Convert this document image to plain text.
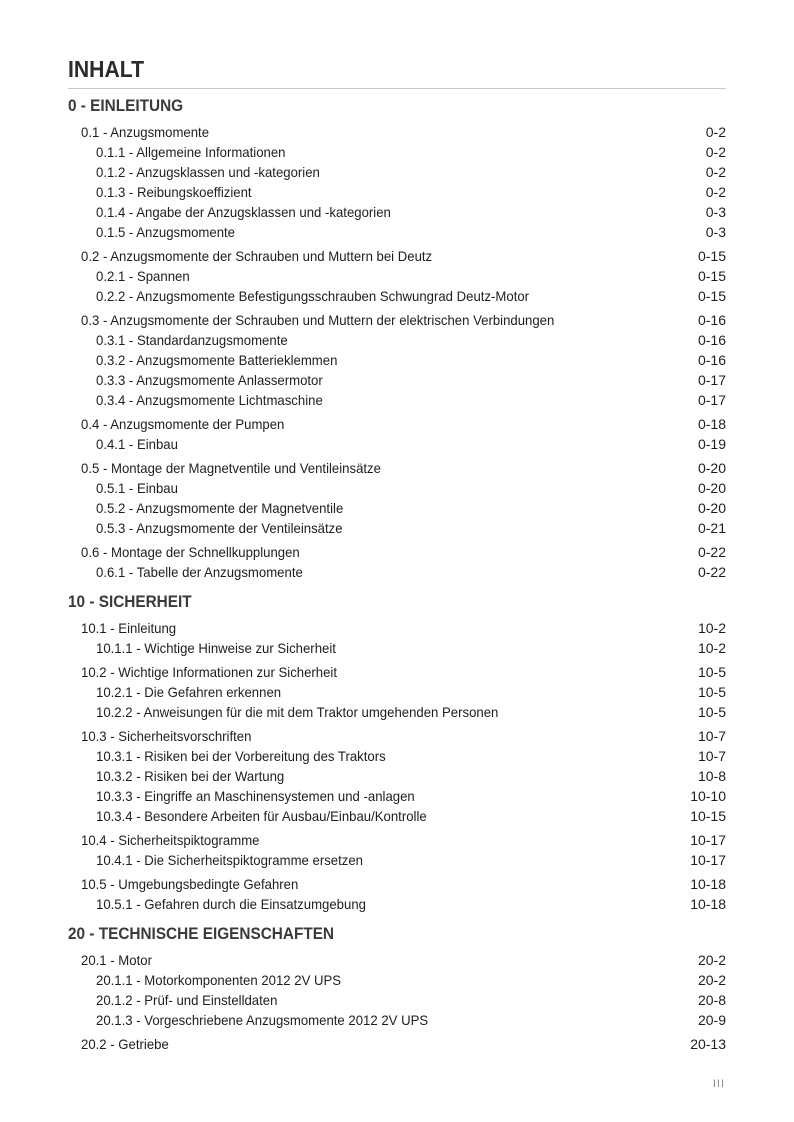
INHALT
0 - EINLEITUNG
0.1 - Anzugsmomente	0-2
0.1.1 - Allgemeine Informationen	0-2
0.1.2 - Anzugsklassen und -kategorien	0-2
0.1.3 - Reibungskoeffizient	0-2
0.1.4 - Angabe der Anzugsklassen und -kategorien	0-3
0.1.5 - Anzugsmomente	0-3
0.2 - Anzugsmomente der Schrauben und Muttern bei Deutz	0-15
0.2.1 - Spannen	0-15
0.2.2 - Anzugsmomente Befestigungsschrauben Schwungrad Deutz-Motor	0-15
0.3 - Anzugsmomente der Schrauben und Muttern der elektrischen Verbindungen	0-16
0.3.1 - Standardanzugsmomente	0-16
0.3.2 - Anzugsmomente Batterieklemmen	0-16
0.3.3 - Anzugsmomente Anlassermotor	0-17
0.3.4 - Anzugsmomente Lichtmaschine	0-17
0.4 - Anzugsmomente der Pumpen	0-18
0.4.1 - Einbau	0-19
0.5 - Montage der Magnetventile und Ventileinsätze	0-20
0.5.1 - Einbau	0-20
0.5.2 - Anzugsmomente der Magnetventile	0-20
0.5.3 - Anzugsmomente der Ventileinsätze	0-21
0.6 - Montage der Schnellkupplungen	0-22
0.6.1 - Tabelle der Anzugsmomente	0-22
10 - SICHERHEIT
10.1 - Einleitung	10-2
10.1.1 - Wichtige Hinweise zur Sicherheit	10-2
10.2 - Wichtige Informationen zur Sicherheit	10-5
10.2.1 - Die Gefahren erkennen	10-5
10.2.2 - Anweisungen für die mit dem Traktor umgehenden Personen	10-5
10.3 - Sicherheitsvorschriften	10-7
10.3.1 - Risiken bei der Vorbereitung des Traktors	10-7
10.3.2 - Risiken bei der Wartung	10-8
10.3.3 - Eingriffe an Maschinensystemen und -anlagen	10-10
10.3.4 - Besondere Arbeiten für Ausbau/Einbau/Kontrolle	10-15
10.4 - Sicherheitspiktogramme	10-17
10.4.1 - Die Sicherheitspiktogramme ersetzen	10-17
10.5 - Umgebungsbedingte Gefahren	10-18
10.5.1 - Gefahren durch die Einsatzumgebung	10-18
20 - TECHNISCHE EIGENSCHAFTEN
20.1 - Motor	20-2
20.1.1 - Motorkomponenten 2012 2V UPS	20-2
20.1.2 - Prüf- und Einstelldaten	20-8
20.1.3 - Vorgeschriebene Anzugsmomente 2012 2V UPS	20-9
20.2 - Getriebe	20-13
III
